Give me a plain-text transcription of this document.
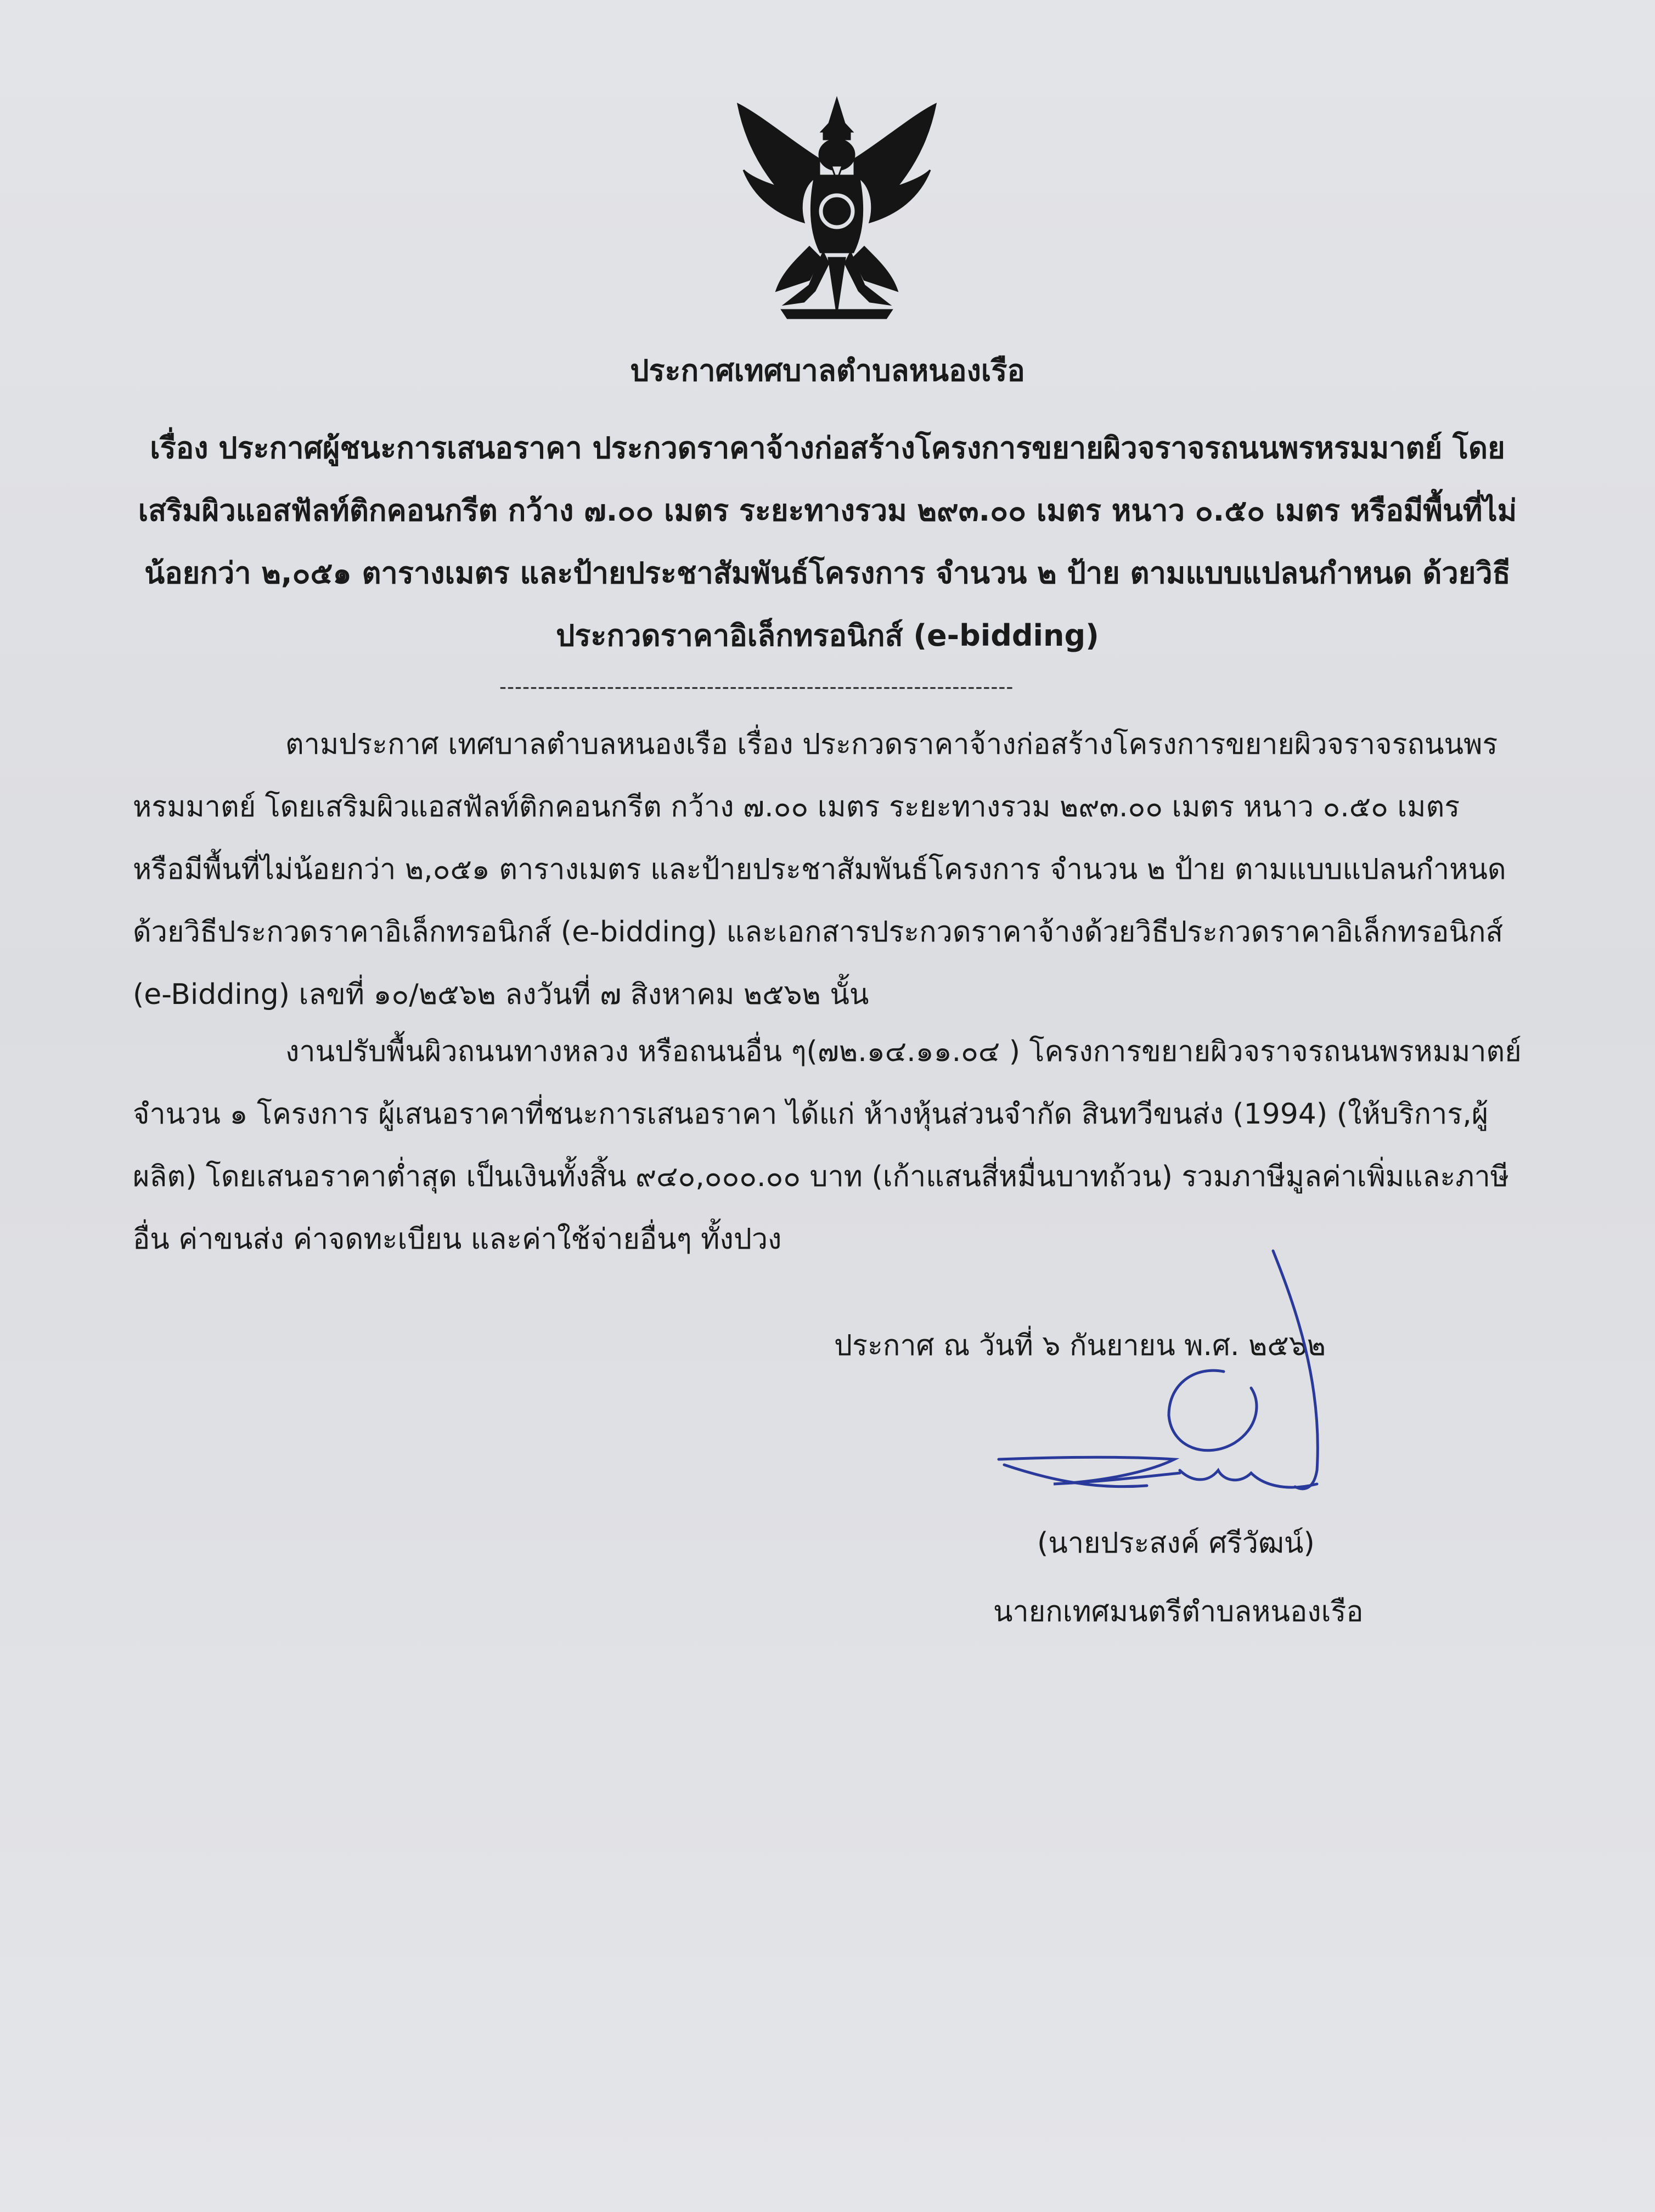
ประกาศเทศบาลตำบลหนองเรือ
เรื่อง ประกาศผู้ชนะการเสนอราคา ประกวดราคาจ้างก่อสร้างโครงการขยายผิวจราจรถนนพรหรมมาตย์ โดย
เสริมผิวแอสฟัลท์ติกคอนกรีต กว้าง ๗.๐๐ เมตร ระยะทางรวม ๒๙๓.๐๐ เมตร หนาว ๐.๕๐ เมตร หรือมีพื้นที่ไม่
น้อยกว่า ๒,๐๕๑ ตารางเมตร และป้ายประชาสัมพันธ์โครงการ จำนวน ๒ ป้าย ตามแบบแปลนกำหนด ด้วยวิธี
ประกวดราคาอิเล็กทรอนิกส์ (e-bidding)
-------------------------------------------------------------------
ตามประกาศ เทศบาลตำบลหนองเรือ เรื่อง ประกวดราคาจ้างก่อสร้างโครงการขยายผิวจราจรถนนพร
หรมมาตย์ โดยเสริมผิวแอสฟัลท์ติกคอนกรีต กว้าง ๗.๐๐ เมตร ระยะทางรวม ๒๙๓.๐๐ เมตร หนาว ๐.๕๐ เมตร
หรือมีพื้นที่ไม่น้อยกว่า ๒,๐๕๑ ตารางเมตร และป้ายประชาสัมพันธ์โครงการ จำนวน ๒ ป้าย ตามแบบแปลนกำหนด
ด้วยวิธีประกวดราคาอิเล็กทรอนิกส์ (e-bidding) และเอกสารประกวดราคาจ้างด้วยวิธีประกวดราคาอิเล็กทรอนิกส์
(e-Bidding) เลขที่ ๑๐/๒๕๖๒ ลงวันที่ ๗ สิงหาคม ๒๕๖๒ นั้น
งานปรับพื้นผิวถนนทางหลวง หรือถนนอื่น ๆ(๗๒.๑๔.๑๑.๐๔ ) โครงการขยายผิวจราจรถนนพรหมมาตย์
จำนวน ๑ โครงการ ผู้เสนอราคาที่ชนะการเสนอราคา ได้แก่ ห้างหุ้นส่วนจำกัด สินทวีขนส่ง (1994) (ให้บริการ,ผู้
ผลิต) โดยเสนอราคาต่ำสุด เป็นเงินทั้งสิ้น ๙๔๐,๐๐๐.๐๐ บาท (เก้าแสนสี่หมื่นบาทถ้วน) รวมภาษีมูลค่าเพิ่มและภาษี
อื่น ค่าขนส่ง ค่าจดทะเบียน และค่าใช้จ่ายอื่นๆ ทั้งปวง
ประกาศ ณ วันที่ ๖ กันยายน พ.ศ. ๒๕๖๒
(นายประสงค์ ศรีวัฒน์)
นายกเทศมนตรีตำบลหนองเรือ
